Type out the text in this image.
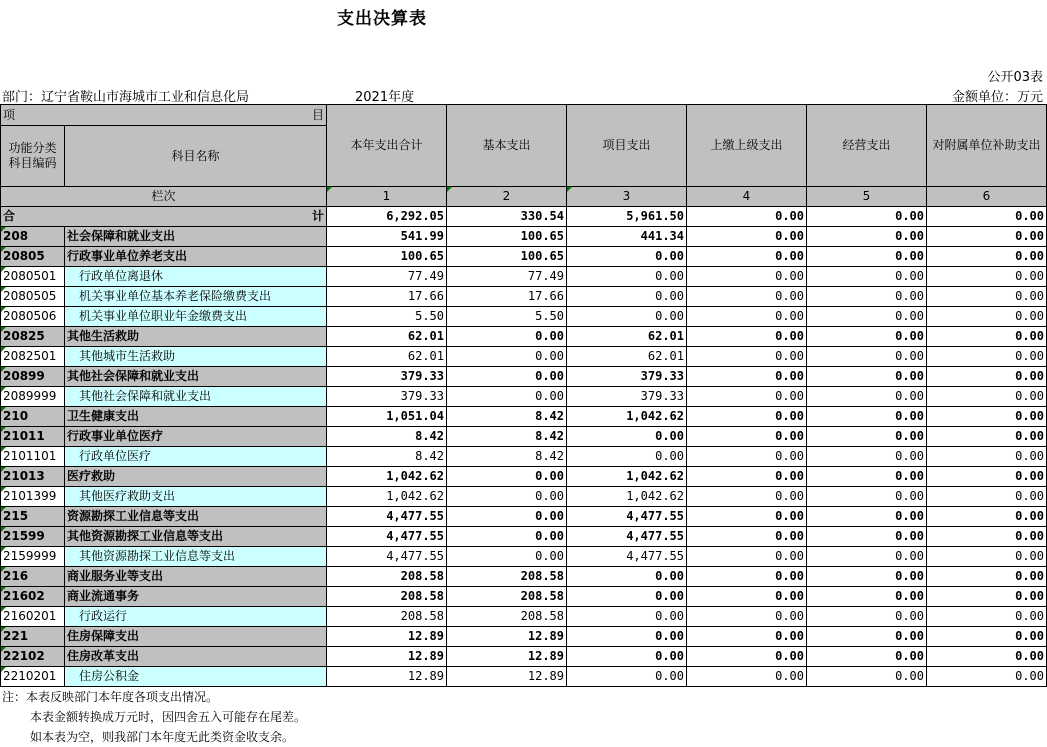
支出决算表
公开03表
部门：辽宁省鞍山市海城市工业和信息化局	2021年度	金额单位：万元
项 目		本年支出合计	基本支出	项目支出	上缴上级支出	经营支出	对附属单位补助支出
功能分类科目编码	科目名称						
栏次		1	2	3	4	5	6
合 计		6,292.05	330.54	5,961.50	0.00	0.00	0.00
208	社会保障和就业支出	541.99	100.65	441.34	0.00	0.00	0.00
20805	行政事业单位养老支出	100.65	100.65	0.00	0.00	0.00	0.00
2080501	行政单位离退休	77.49	77.49	0.00	0.00	0.00	0.00
2080505	机关事业单位基本养老保险缴费支出	17.66	17.66	0.00	0.00	0.00	0.00
2080506	机关事业单位职业年金缴费支出	5.50	5.50	0.00	0.00	0.00	0.00
20825	其他生活救助	62.01	0.00	62.01	0.00	0.00	0.00
2082501	其他城市生活救助	62.01	0.00	62.01	0.00	0.00	0.00
20899	其他社会保障和就业支出	379.33	0.00	379.33	0.00	0.00	0.00
2089999	其他社会保障和就业支出	379.33	0.00	379.33	0.00	0.00	0.00
210	卫生健康支出	1,051.04	8.42	1,042.62	0.00	0.00	0.00
21011	行政事业单位医疗	8.42	8.42	0.00	0.00	0.00	0.00
2101101	行政单位医疗	8.42	8.42	0.00	0.00	0.00	0.00
21013	医疗救助	1,042.62	0.00	1,042.62	0.00	0.00	0.00
2101399	其他医疗救助支出	1,042.62	0.00	1,042.62	0.00	0.00	0.00
215	资源勘探工业信息等支出	4,477.55	0.00	4,477.55	0.00	0.00	0.00
21599	其他资源勘探工业信息等支出	4,477.55	0.00	4,477.55	0.00	0.00	0.00
2159999	其他资源勘探工业信息等支出	4,477.55	0.00	4,477.55	0.00	0.00	0.00
216	商业服务业等支出	208.58	208.58	0.00	0.00	0.00	0.00
21602	商业流通事务	208.58	208.58	0.00	0.00	0.00	0.00
2160201	行政运行	208.58	208.58	0.00	0.00	0.00	0.00
221	住房保障支出	12.89	12.89	0.00	0.00	0.00	0.00
22102	住房改革支出	12.89	12.89	0.00	0.00	0.00	0.00
2210201	住房公积金	12.89	12.89	0.00	0.00	0.00	0.00
注：本表反映部门本年度各项支出情况。
本表金额转换成万元时，因四舍五入可能存在尾差。
如本表为空，则我部门本年度无此类资金收支余。
